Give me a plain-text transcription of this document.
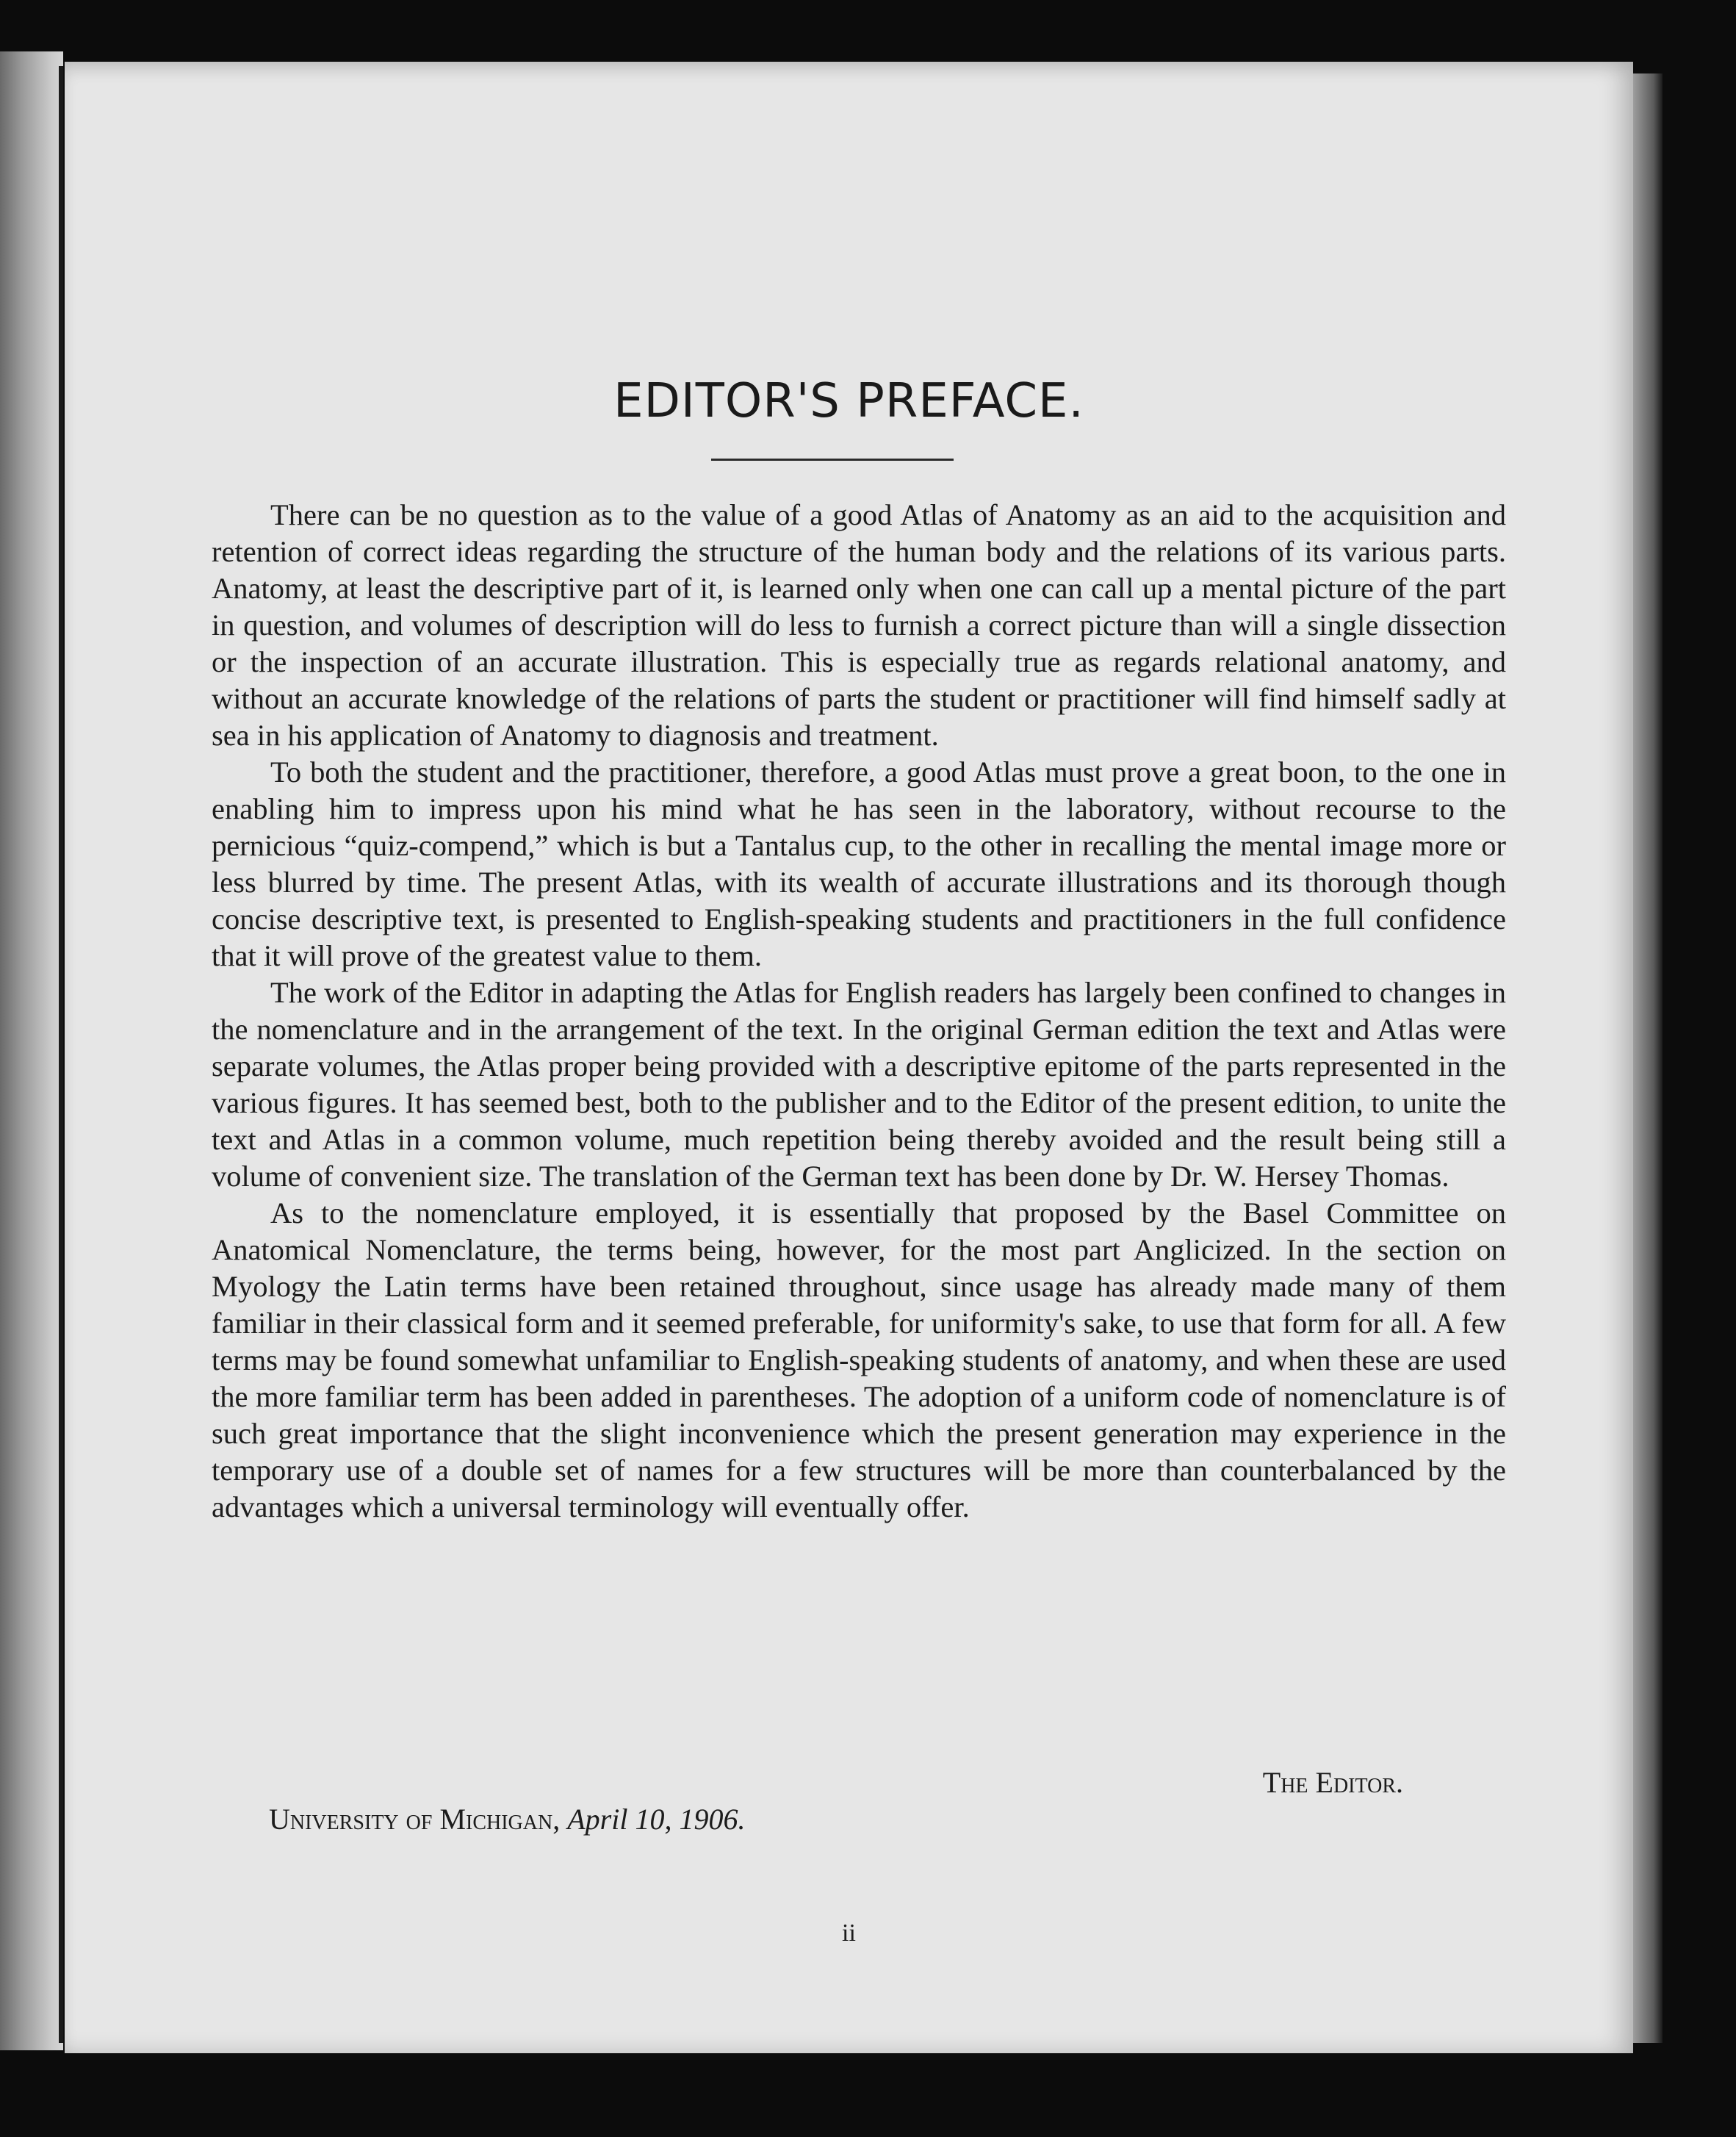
EDITOR'S PREFACE.

There can be no question as to the value of a good Atlas of Anatomy as an aid to the acquisition and retention of correct ideas regarding the structure of the human body and the relations of its various parts. Anatomy, at least the descriptive part of it, is learned only when one can call up a mental picture of the part in question, and volumes of description will do less to furnish a correct picture than will a single dissection or the inspection of an accurate illustration. This is especially true as regards relational anatomy, and without an accurate knowledge of the relations of parts the student or practitioner will find himself sadly at sea in his application of Anatomy to diagnosis and treatment.

To both the student and the practitioner, therefore, a good Atlas must prove a great boon, to the one in enabling him to impress upon his mind what he has seen in the laboratory, without recourse to the pernicious “quiz-compend,” which is but a Tantalus cup, to the other in recalling the mental image more or less blurred by time. The present Atlas, with its wealth of accurate illustrations and its thorough though concise descriptive text, is presented to English-speaking students and practitioners in the full confidence that it will prove of the greatest value to them.

The work of the Editor in adapting the Atlas for English readers has largely been confined to changes in the nomenclature and in the arrangement of the text. In the original German edition the text and Atlas were separate volumes, the Atlas proper being provided with a descriptive epitome of the parts represented in the various figures. It has seemed best, both to the publisher and to the Editor of the present edition, to unite the text and Atlas in a common volume, much repetition being thereby avoided and the result being still a volume of convenient size. The translation of the German text has been done by Dr. W. Hersey Thomas.

As to the nomenclature employed, it is essentially that proposed by the Basel Committee on Anatomical Nomenclature, the terms being, however, for the most part Anglicized. In the section on Myology the Latin terms have been retained throughout, since usage has already made many of them familiar in their classical form and it seemed preferable, for uniformity's sake, to use that form for all. A few terms may be found somewhat unfamiliar to English-speaking students of anatomy, and when these are used the more familiar term has been added in parentheses. The adoption of a uniform code of nomenclature is of such great importance that the slight inconvenience which the present generation may experience in the temporary use of a double set of names for a few structures will be more than counterbalanced by the advantages which a universal terminology will eventually offer.

The Editor.
University of Michigan, April 10, 1906.
ii
